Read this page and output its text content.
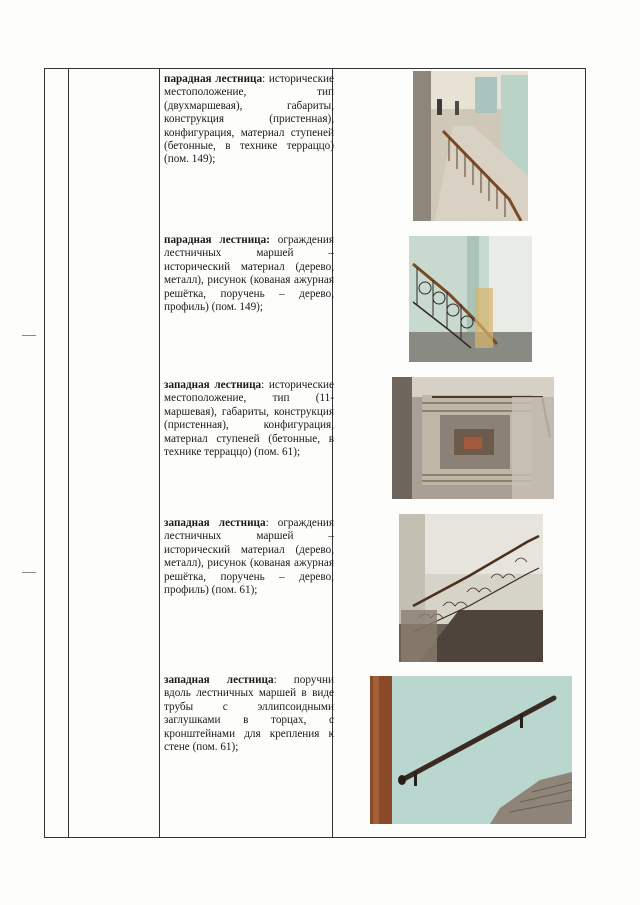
парадная лестница: исторические местоположение, тип (двухмаршевая), габариты, конструкция (пристенная), конфигурация, материал ступеней (бетонные, в технике терраццо) (пом. 149);
парадная лестница: ограждения лестничных маршей – исторический материал (дерево, металл), рисунок (кованая ажурная решётка, поручень – дерево, профиль) (пом. 149);
западная лестница: исторические местоположение, тип (11-маршевая), габариты, конструкция (пристенная), конфигурация, материал ступеней (бетонные, в технике терраццо) (пом. 61);
западная лестница: ограждения лестничных маршей – исторический материал (дерево, металл), рисунок (кованая ажурная решётка, поручень – дерево, профиль) (пом. 61);
западная лестница: поручни вдоль лестничных маршей в виде трубы с эллипсоидными заглушками в торцах, с кронштейнами для крепления к стене (пом. 61);
